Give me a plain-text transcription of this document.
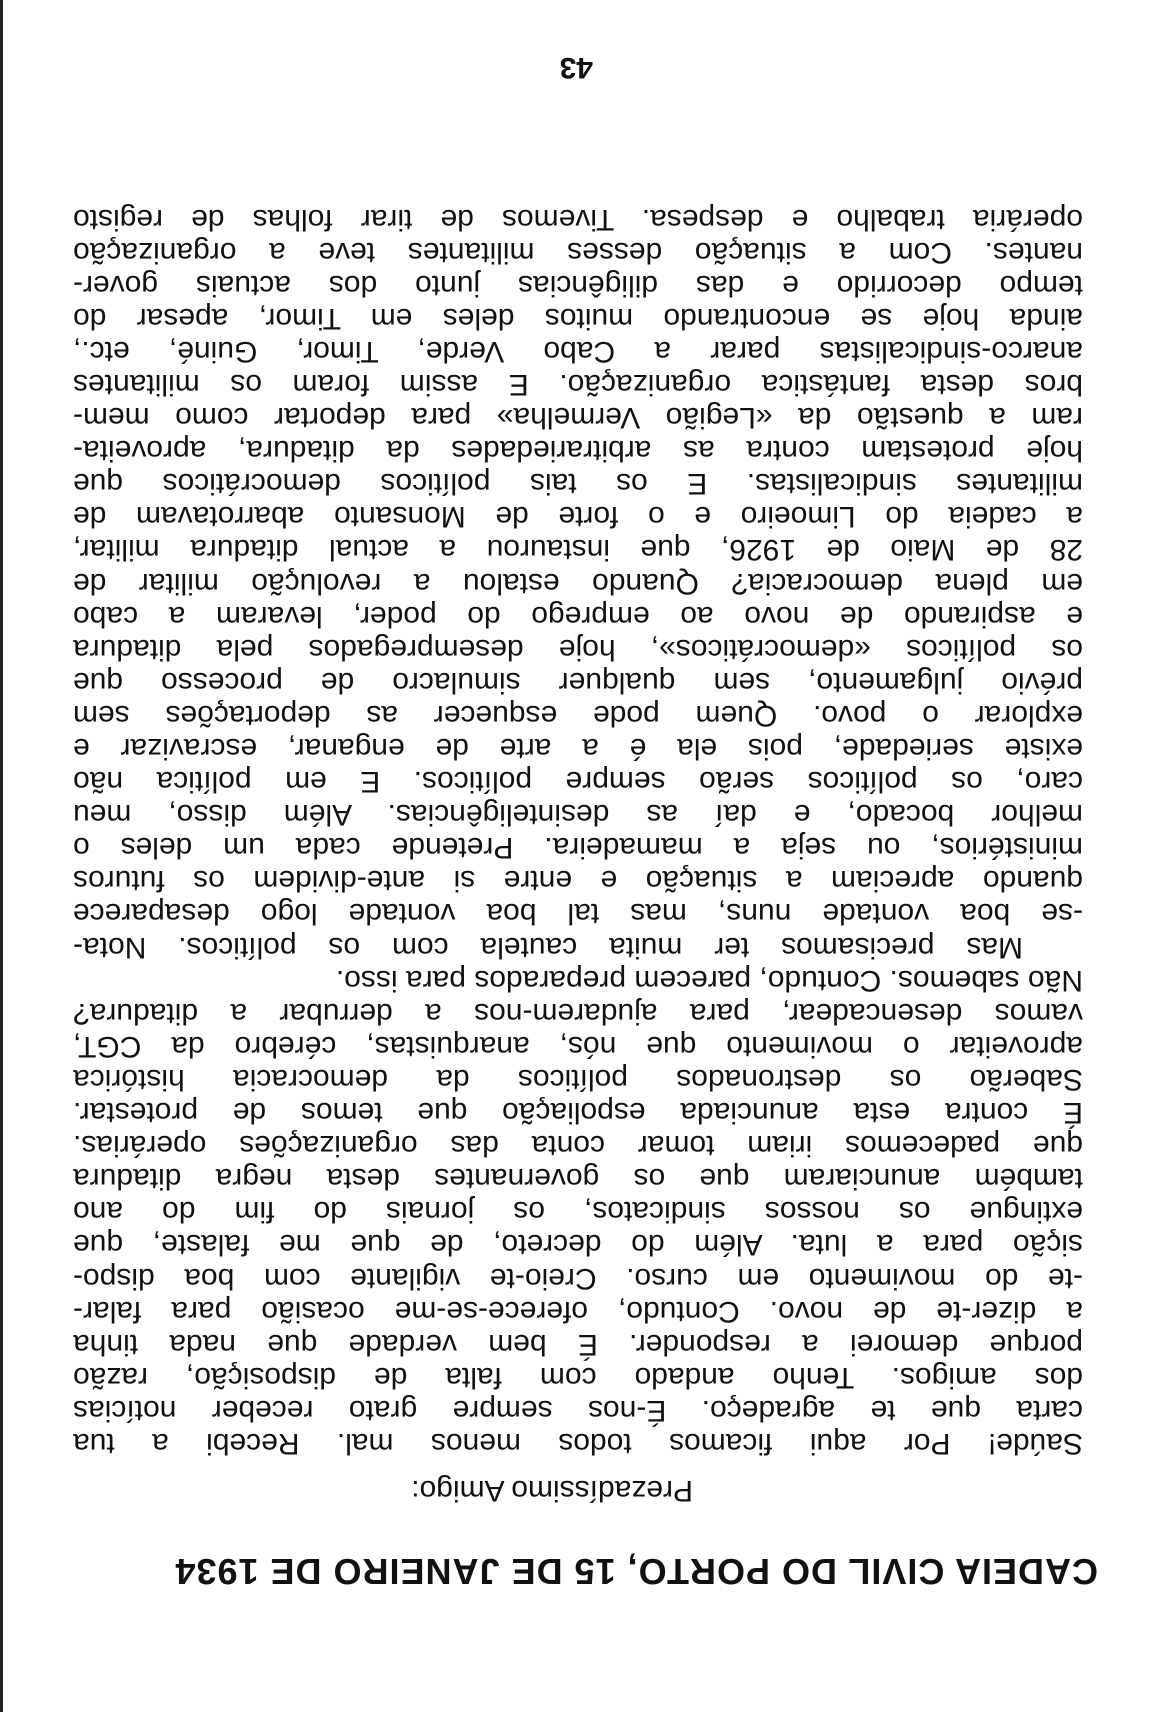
CADEIA CIVIL DO PORTO, 15 DE JANEIRO DE 1934

Prezadíssimo Amigo:

Saúde! Por aqui ficamos todos menos mal. Recebi a tua
carta que te agradeço. É-nos sempre grato receber notícias
dos amigos. Tenho andado com falta de disposição, razão
porque demorei a responder. É bem verdade que nada tinha
a dizer-te de novo. Contudo, oferece-se-me ocasião para falar-
-te do movimento em curso. Creio-te vigilante com boa dispo-
sição para a luta. Além do decreto, de que me falaste, que
extingue os nossos sindicatos, os jornais do fim do ano
também anunciaram que os governantes desta negra ditadura
que padecemos iriam tomar conta das organizações operárias.
É contra esta anunciada espoliação que temos de protestar.
Saberão os destronados políticos da democracia histórica
aproveitar o movimento que nós, anarquistas, cérebro da CGT,
vamos desencadear, para ajudarem-nos a derrubar a ditadura?
Não sabemos. Contudo, parecem preparados para isso.
Mas precisamos ter muita cautela com os políticos. Nota-
-se boa vontade nuns, mas tal boa vontade logo desaparece
quando apreciam a situação e entre si ante-dividem os futuros
ministérios, ou seja a mamadeira. Pretende cada um deles o
melhor bocado, e daí as desinteligências. Além disso, meu
caro, os políticos serão sempre políticos. E em política não
existe seriedade, pois ela é a arte de enganar, escravizar e
explorar o povo. Quem pode esquecer as deportações sem
prévio julgamento, sem qualquer simulacro de processo que
os políticos «democráticos», hoje desempregados pela ditadura
e aspirando de novo ao emprego do poder, levaram a cabo
em plena democracia? Quando estalou a revolução militar de
28 de Maio de 1926, que instaurou a actual ditadura militar,
a cadeia do Limoeiro e o forte de Monsanto abarrotavam de
militantes sindicalistas. E os tais políticos democráticos que
hoje protestam contra as arbitrariedades da ditadura, aproveita-
ram a questão da «Legião Vermelha» para deportar como mem-
bros desta fantástica organização. E assim foram os militantes
anarco-sindicalistas parar a Cabo Verde, Timor, Guiné, etc.,
ainda hoje se encontrando muitos deles em Timor, apesar do
tempo decorrido e das diligências junto dos actuais gover-
nantes. Com a situação desses militantes teve a organização
operária trabalho e despesa. Tivemos de tirar folhas de registo

43
